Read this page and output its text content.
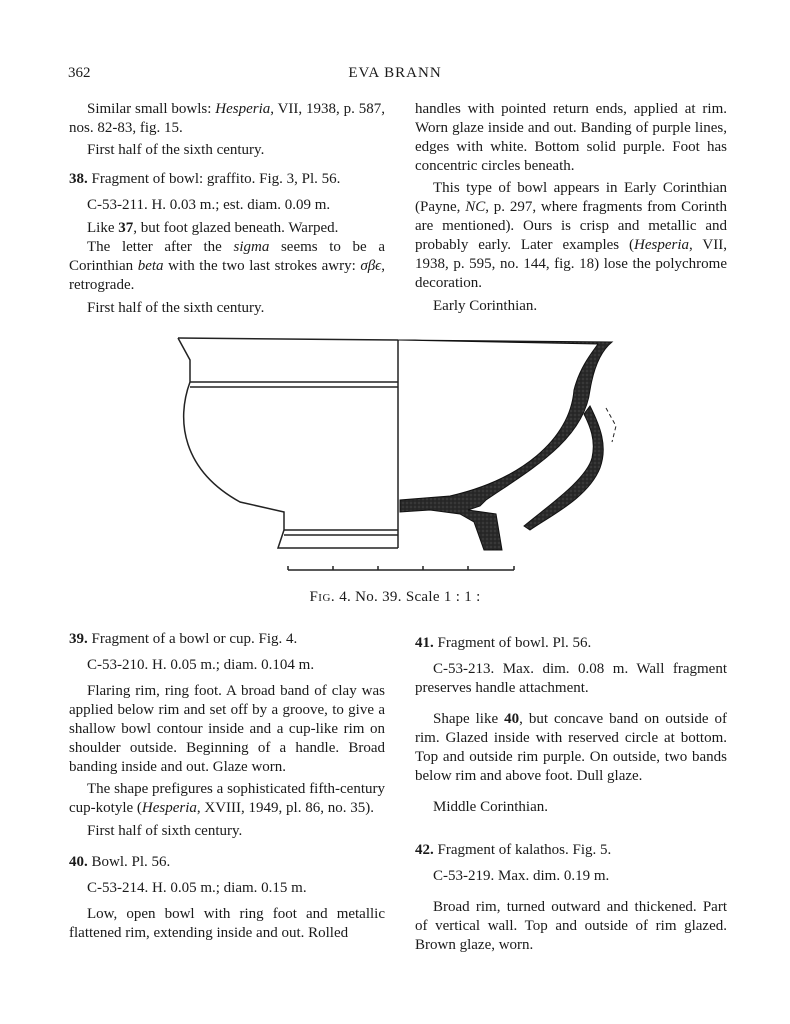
362	EVA BRANN

Similar small bowls: Hesperia, VII, 1938, p. 587, nos. 82-83, fig. 15.

First half of the sixth century.

38. Fragment of bowl: graffito. Fig. 3, Pl. 56.

C-53-211. H. 0.03 m.; est. diam. 0.09 m.

Like 37, but foot glazed beneath. Warped.

The letter after the sigma seems to be a Corinthian beta with the two last strokes awry: σβϵ, retrograde.

First half of the sixth century.

handles with pointed return ends, applied at rim. Worn glaze inside and out. Banding of purple lines, edges with white. Bottom solid purple. Foot has concentric circles beneath.

This type of bowl appears in Early Corinthian (Payne, NC, p. 297, where fragments from Corinth are mentioned). Ours is crisp and metallic and probably early. Later examples (Hesperia, VII, 1938, p. 595, no. 144, fig. 18) lose the polychrome decoration.

Early Corinthian.

Fig. 4. No. 39. Scale 1 : 1 :

39. Fragment of a bowl or cup. Fig. 4.

C-53-210. H. 0.05 m.; diam. 0.104 m.

Flaring rim, ring foot. A broad band of clay was applied below rim and set off by a groove, to give a shallow bowl contour inside and a cup-like rim on shoulder outside. Beginning of a handle. Broad banding inside and out. Glaze worn.

The shape prefigures a sophisticated fifth-century cup-kotyle (Hesperia, XVIII, 1949, pl. 86, no. 35).

First half of sixth century.

40. Bowl. Pl. 56.

C-53-214. H. 0.05 m.; diam. 0.15 m.

Low, open bowl with ring foot and metallic flattened rim, extending inside and out. Rolled

41. Fragment of bowl. Pl. 56.

C-53-213. Max. dim. 0.08 m. Wall fragment preserves handle attachment.

Shape like 40, but concave band on outside of rim. Glazed inside with reserved circle at bottom. Top and outside rim purple. On outside, two bands below rim and above foot. Dull glaze.

Middle Corinthian.

42. Fragment of kalathos. Fig. 5.

C-53-219. Max. dim. 0.19 m.

Broad rim, turned outward and thickened. Part of vertical wall. Top and outside of rim glazed. Brown glaze, worn.
